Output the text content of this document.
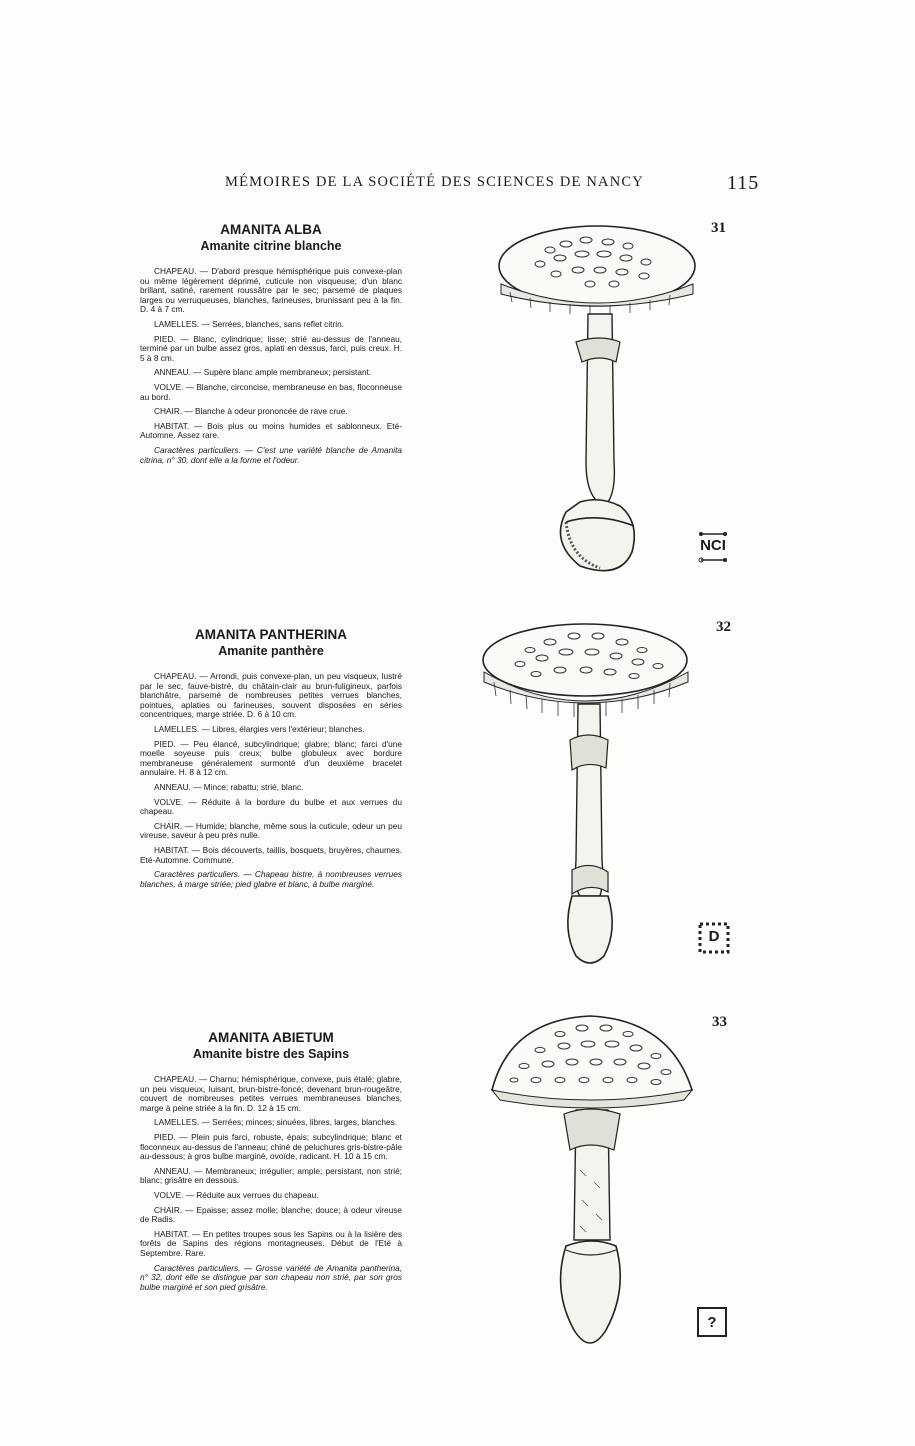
MÉMOIRES DE LA SOCIÉTÉ DES SCIENCES DE NANCY	115
AMANITA ALBA
Amanite citrine blanche

CHAPEAU. — D'abord presque hémisphérique puis convexe-plan ou même légèrement déprimé, cuticule non visqueuse; d'un blanc brillant, satiné, rarement roussâtre par le sec; parsemé de plaques larges ou verruqueuses, blanches, farineuses, brunissant peu à la fin. D. 4 à 7 cm.

LAMELLES. — Serrées, blanches, sans reflet citrin.

PIED. — Blanc, cylindrique; lisse; strié au-dessus de l'anneau, terminé par un bulbe assez gros, aplati en dessus, farci, puis creux. H. 5 à 8 cm.

ANNEAU. — Supère blanc ample membraneux; persistant.

VOLVE. — Blanche, circoncise, membraneuse en bas, floconneuse au bord.

CHAIR. — Blanche à odeur prononcée de rave crue.

HABITAT. — Bois plus ou moins humides et sablonneux. Eté-Automne. Assez rare.

Caractères particuliers. — C'est une variété blanche de Amanita citrina, n° 30, dont elle a la forme et l'odeur.

AMANITA PANTHERINA
Amanite panthère

CHAPEAU. — Arrondi, puis convexe-plan, un peu visqueux, lustré par le sec, fauve-bistré, du châtain-clair au brun-fuligineux, parfois blanchâtre, parsemé de nombreuses petites verrues blanches, pointues, aplaties ou farineuses, souvent disposées en séries concentriques, marge striée. D. 6 à 10 cm.

LAMELLES. — Libres, élargies vers l'extérieur; blanches.

PIED. — Peu élancé, subcylindrique; glabre; blanc; farci d'une moelle soyeuse puis creux; bulbe globuleux avec bordure membraneuse généralement surmonté d'un deuxième bracelet annulaire. H. 8 à 12 cm.

ANNEAU. — Mince; rabattu; strié, blanc.

VOLVE. — Réduite à la bordure du bulbe et aux verrues du chapeau.

CHAIR. — Humide; blanche, même sous la cuticule, odeur un peu vireuse, saveur à peu près nulle.

HABITAT. — Bois découverts, taillis, bosquets, bruyères, chaumes. Eté-Automne. Commune.

Caractères particuliers. — Chapeau bistre, à nombreuses verrues blanches, à marge striée; pied glabre et blanc, à bulbe marginé.

AMANITA ABIETUM
Amanite bistre des Sapins

CHAPEAU. — Charnu; hémisphérique, convexe, puis étalé; glabre, un peu visqueux, luisant, brun-bistre-foncé; devenant brun-rougeâtre, couvert de nombreuses petites verrues membraneuses blanches, marge à peine striée à la fin. D. 12 à 15 cm.

LAMELLES. — Serrées; minces; sinuées, libres, larges, blanches.

PIED. — Plein puis farci, robuste, épais; subcylindrique; blanc et floconneux au-dessus de l'anneau; chiné de peluchures gris-bistre-pâle au-dessous; à gros bulbe marginé, ovoïde, radicant. H. 10 à 15 cm.

ANNEAU. — Membraneux; irrégulier; ample; persistant, non strié; blanc; grisâtre en dessous.

VOLVE. — Réduite aux verrues du chapeau.

CHAIR. — Epaisse; assez molle; blanche; douce; à odeur vireuse de Radis.

HABITAT. — En petites troupes sous les Sapins ou à la lisière des forêts de Sapins des régions montagneuses. Début de l'Eté à Septembre. Rare.

Caractères particuliers. — Grosse variété de Amanita pantherina, n° 32, dont elle se distingue par son chapeau non strié, par son gros bulbe marginé et son pied grisâtre.

31
32
33
NCI
D
?
